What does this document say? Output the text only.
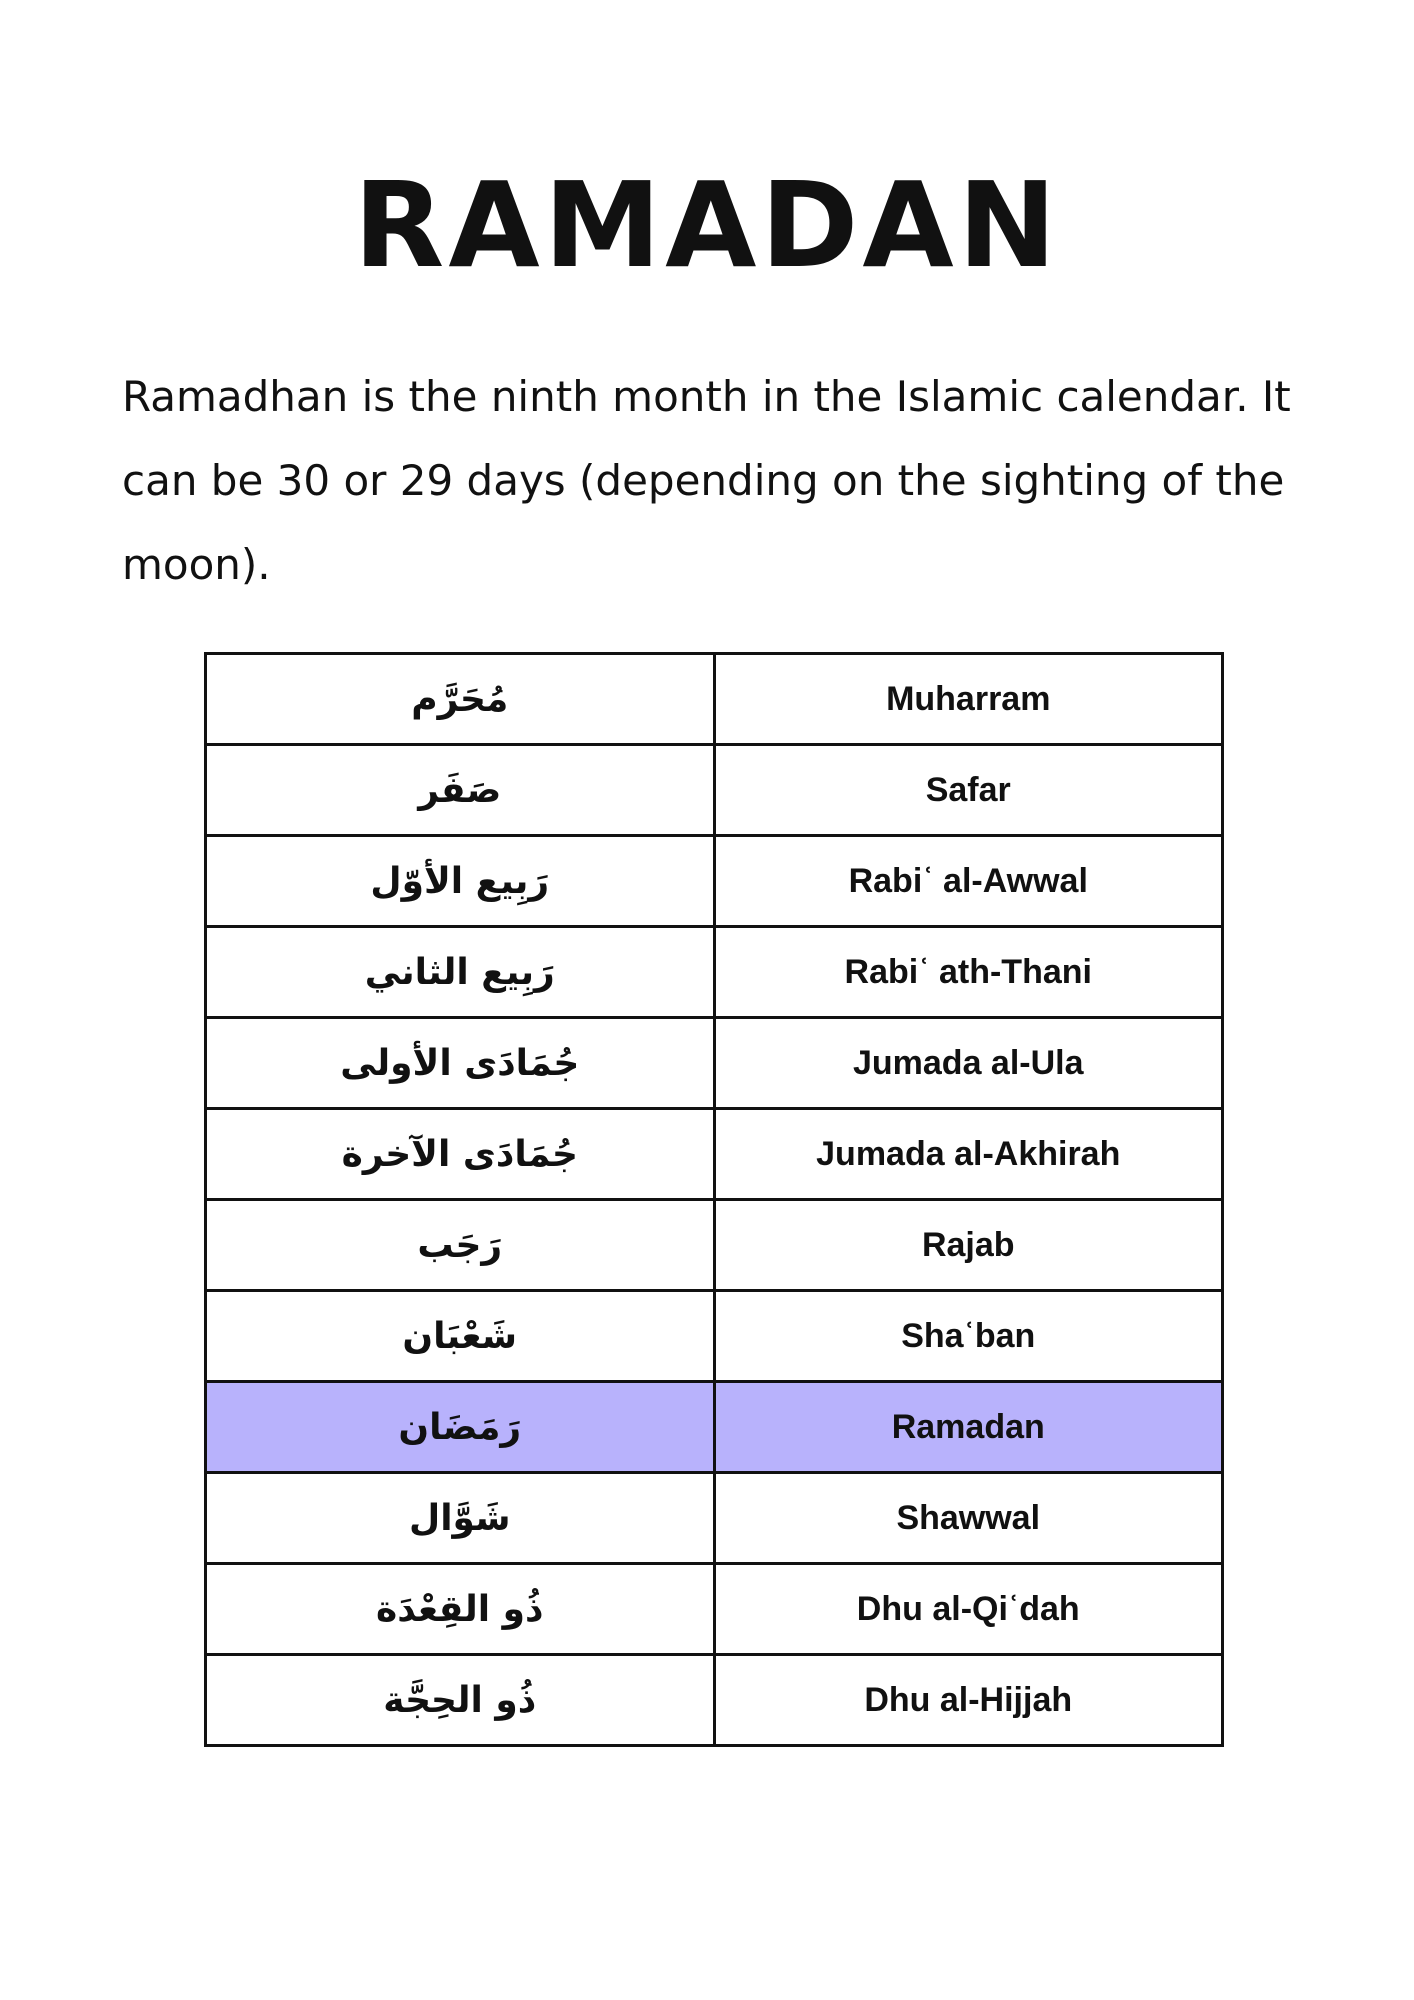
RAMADAN

Ramadhan is the ninth month in the Islamic calendar. It can be 30 or 29 days (depending on the sighting of the moon).

مُحَرَّم	Muharram
صَفَر	Safar
رَبِيع الأوّل	Rabiʿ al-Awwal
رَبِيع الثاني	Rabiʿ ath-Thani
جُمَادَى الأولى	Jumada al-Ula
جُمَادَى الآخرة	Jumada al-Akhirah
رَجَب	Rajab
شَعْبَان	Shaʿban
رَمَضَان	Ramadan
شَوَّال	Shawwal
ذُو القِعْدَة	Dhu al-Qiʿdah
ذُو الحِجَّة	Dhu al-Hijjah
